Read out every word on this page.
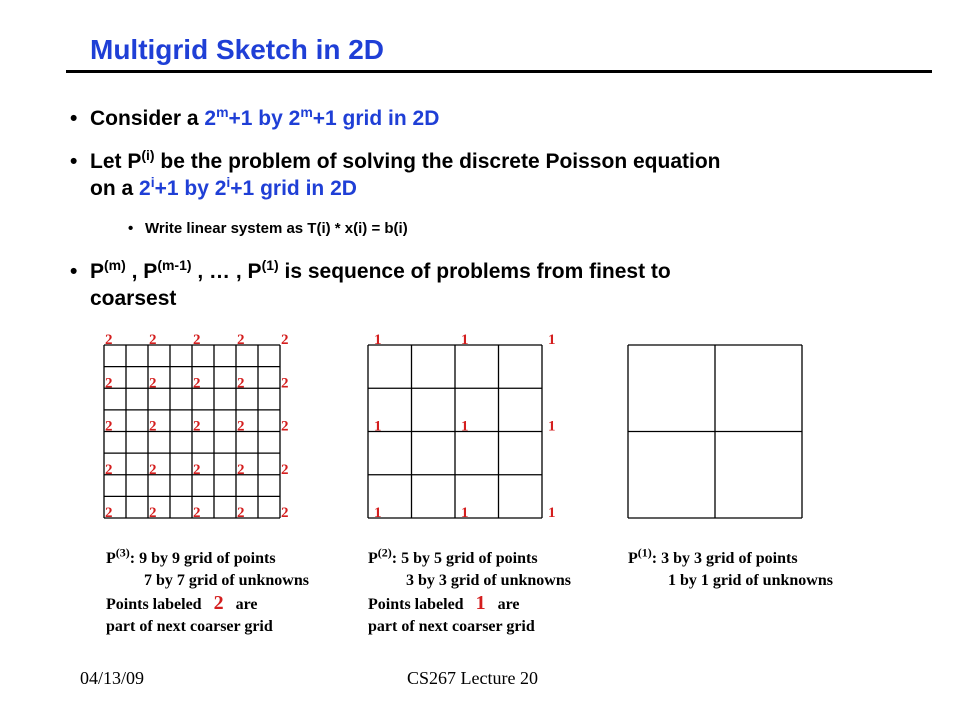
Multigrid Sketch in 2D
• Consider a $2^m+1$ by $2^m+1$ grid in 2D
• Let $P^{(i)}$ be the problem of solving the discrete Poisson equation
on a $2^i+1$ by $2^i+1$ grid in 2D
• Write linear system as T(i) * x(i) = b(i)
• $P^{(m)}$ , $P^{(m-1)}$ , … , $P^{(1)}$ is sequence of problems from finest to
coarsest
2 2 2 2 2
2 2 2 2 2
2 2 2 2 2
2 2 2 2 2
2 2 2 2 2
1	1	1
1	1	1
1	1	1
$P^{(3)}$: 9 by 9 grid of points
7 by 7 grid of unknowns
Points labeled 2 are
part of next coarser grid
$P^{(2)}$: 5 by 5 grid of points
3 by 3 grid of unknowns
Points labeled 1 are
part of next coarser grid
$P^{(1)}$: 3 by 3 grid of points
1 by 1 grid of unknowns
04/13/09	CS267 Lecture 20
